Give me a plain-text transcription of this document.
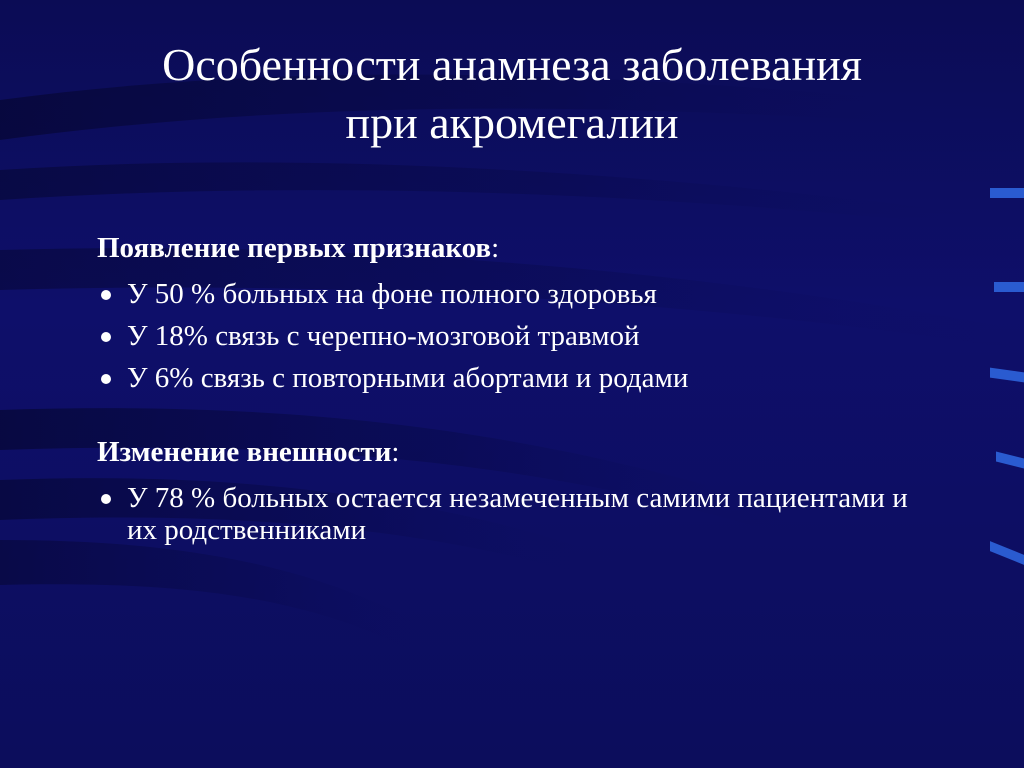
Особенности анамнеза заболевания
при акромегалии
Появление первых признаков:
У 50 % больных на фоне полного здоровья
У 18% связь с черепно-мозговой травмой
У 6% связь с повторными абортами и родами
Изменение внешности:
У 78 % больных остается незамеченным самими пациентами и их родственниками
